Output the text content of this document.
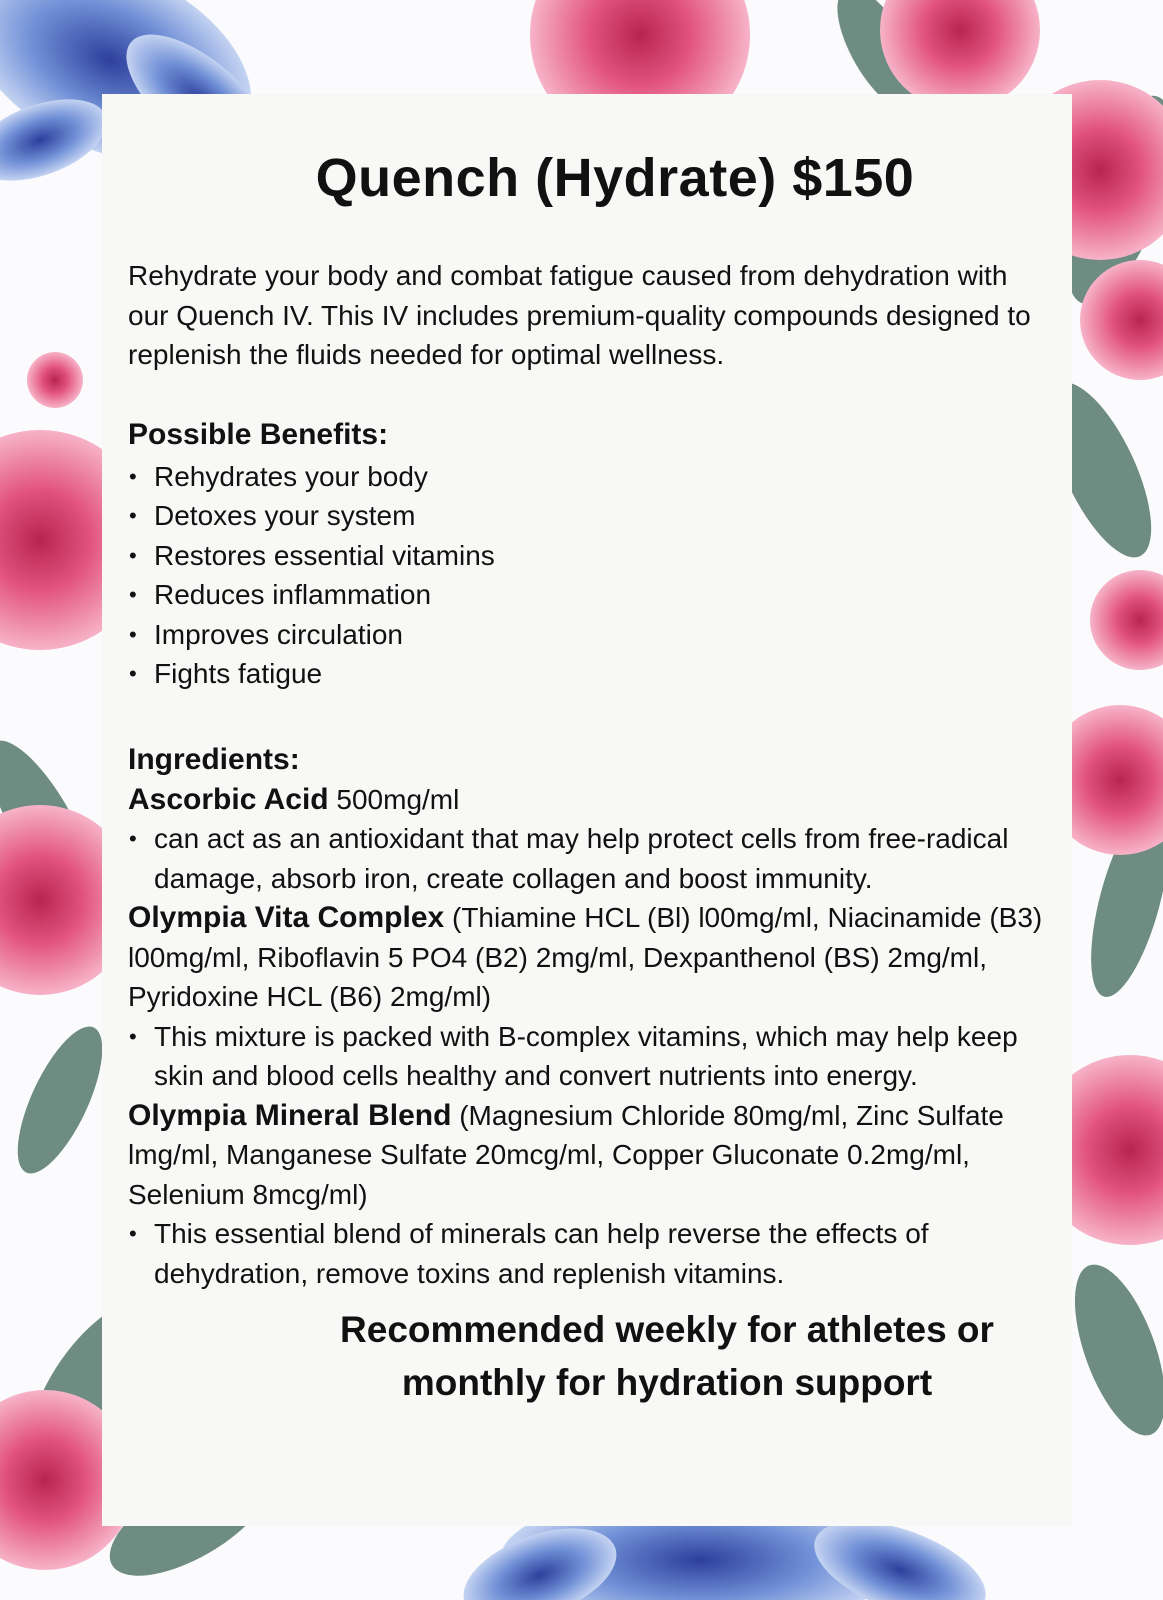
Quench (Hydrate) $150

Rehydrate your body and combat fatigue caused from dehydration with our Quench IV. This IV includes premium-quality compounds designed to replenish the fluids needed for optimal wellness.

Possible Benefits:
• Rehydrates your body
• Detoxes your system
• Restores essential vitamins
• Reduces inflammation
• Improves circulation
• Fights fatigue
Ingredients:

Ascorbic Acid 500mg/ml

• can act as an antioxidant that may help protect cells from free-radical damage, absorb iron, create collagen and boost immunity.

Olympia Vita Complex (Thiamine HCL (Bl) l00mg/ml, Niacinamide (B3) l00mg/ml, Riboflavin 5 PO4 (B2) 2mg/ml, Dexpanthenol (BS) 2mg/ml, Pyridoxine HCL (B6) 2mg/ml)

• This mixture is packed with B-complex vitamins, which may help keep skin and blood cells healthy and convert nutrients into energy.

Olympia Mineral Blend (Magnesium Chloride 80mg/ml, Zinc Sulfate lmg/ml, Manganese Sulfate 20mcg/ml, Copper Gluconate 0.2mg/ml, Selenium 8mcg/ml)

• This essential blend of minerals can help reverse the effects of dehydration, remove toxins and replenish vitamins.

Recommended weekly for athletes or monthly for hydration support
